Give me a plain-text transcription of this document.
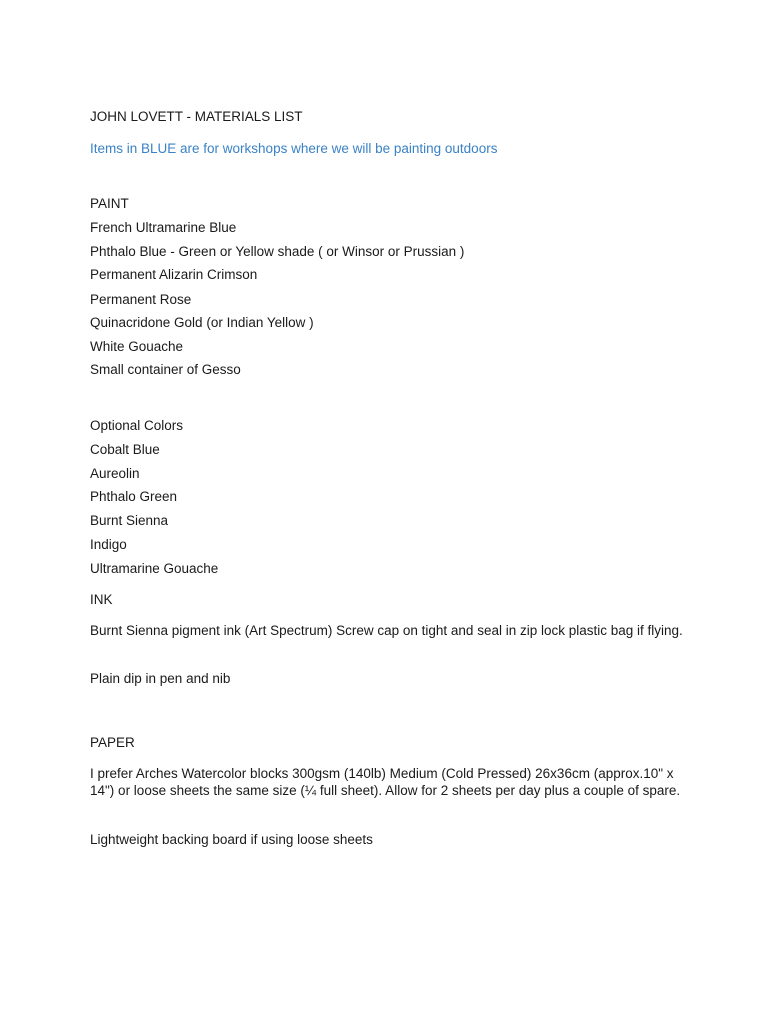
JOHN LOVETT - MATERIALS LIST
Items in BLUE are for workshops where we will be painting outdoors
PAINT
French Ultramarine Blue
Phthalo Blue - Green or Yellow shade ( or Winsor or Prussian )
Permanent Alizarin Crimson
Permanent Rose
Quinacridone Gold (or Indian Yellow )
White Gouache
Small container of Gesso
Optional Colors
Cobalt Blue
Aureolin
Phthalo Green
Burnt Sienna
Indigo
Ultramarine Gouache
INK
Burnt Sienna pigment ink (Art Spectrum) Screw cap on tight and seal in zip lock plastic bag if flying.
Plain dip in pen and nib
PAPER
I prefer Arches Watercolor blocks 300gsm (140lb) Medium (Cold Pressed) 26x36cm (approx.10" x 14") or loose sheets the same size (¼ full sheet). Allow for 2 sheets per day plus a couple of spare.
Lightweight backing board if using loose sheets
